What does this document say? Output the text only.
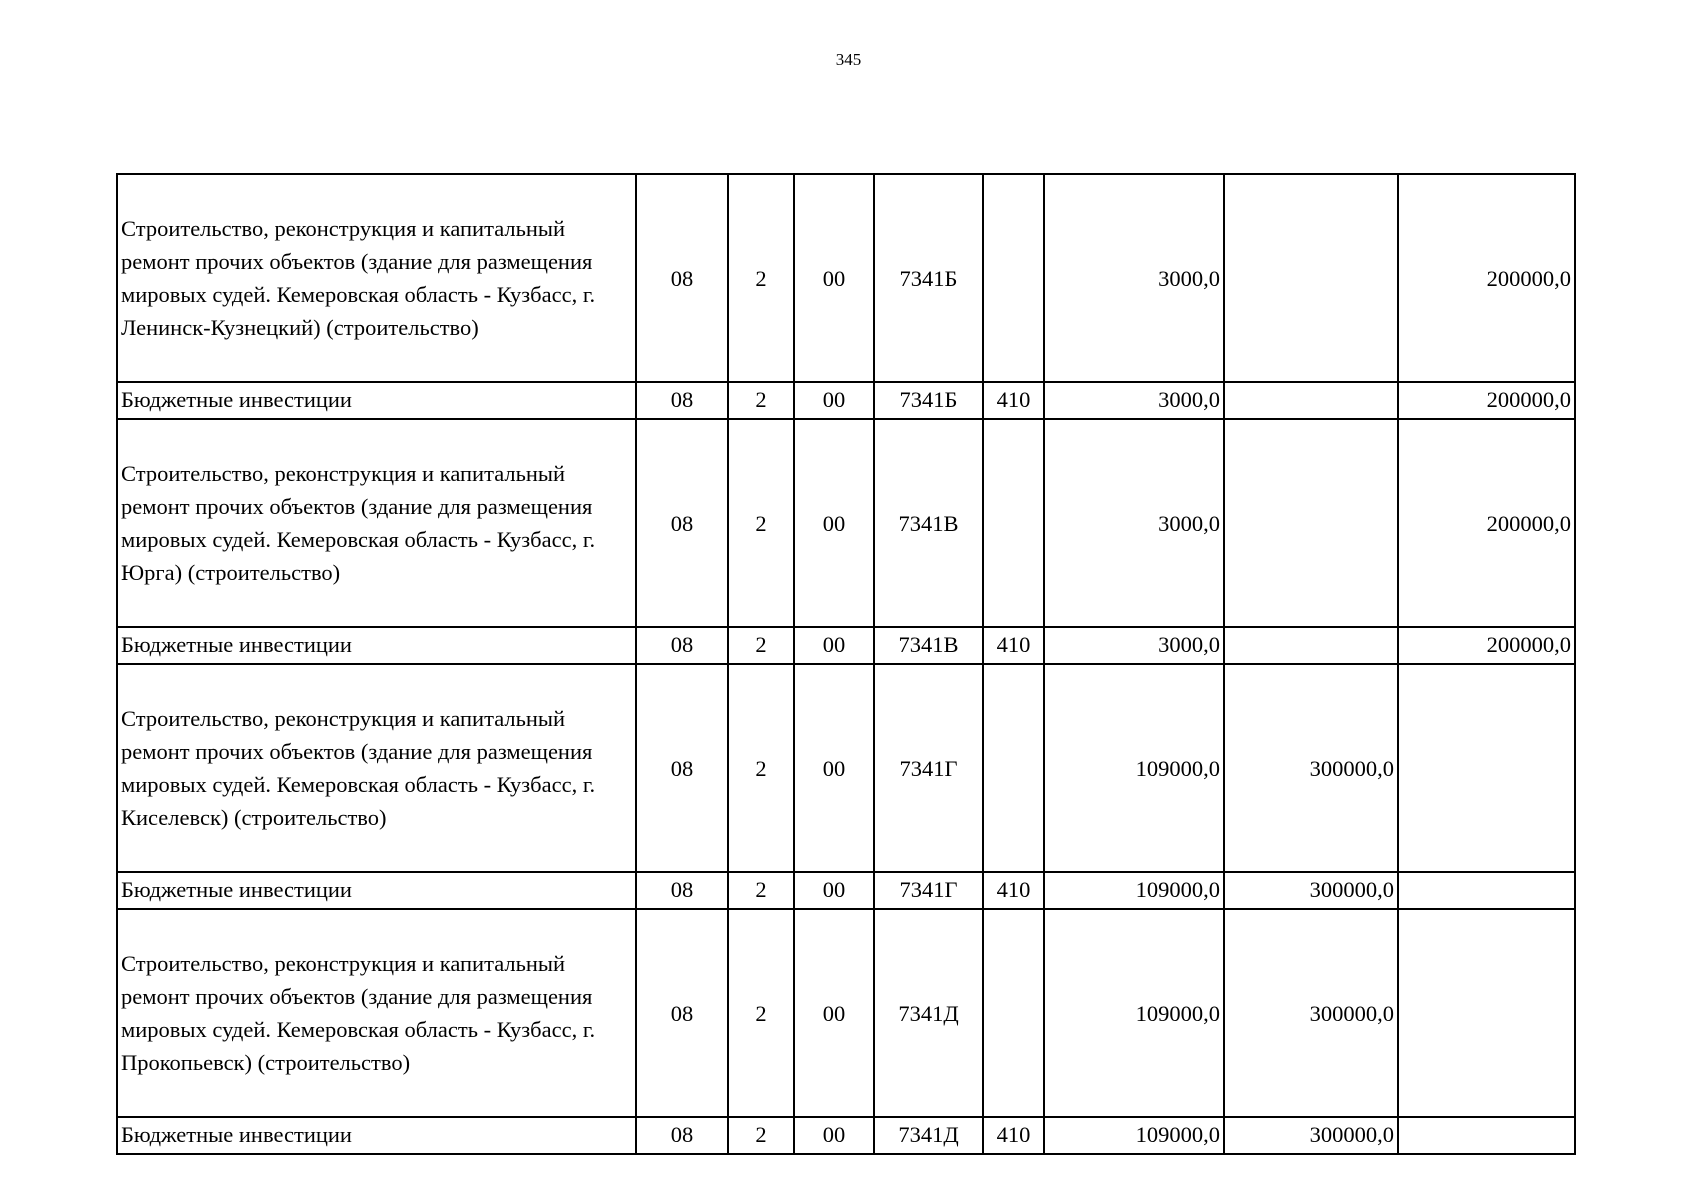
345
Строительство, реконструкция и капитальный ремонт прочих объектов (здание для размещения мировых судей. Кемеровская область - Кузбасс, г. Ленинск-Кузнецкий) (строительство)	08	2	00	7341Б		3000,0		200000,0
Бюджетные инвестиции	08	2	00	7341Б	410	3000,0		200000,0
Строительство, реконструкция и капитальный ремонт прочих объектов (здание для размещения мировых судей. Кемеровская область - Кузбасс, г. Юрга) (строительство)	08	2	00	7341В		3000,0		200000,0
Бюджетные инвестиции	08	2	00	7341В	410	3000,0		200000,0
Строительство, реконструкция и капитальный ремонт прочих объектов (здание для размещения мировых судей. Кемеровская область - Кузбасс, г. Киселевск) (строительство)	08	2	00	7341Г		109000,0	300000,0	
Бюджетные инвестиции	08	2	00	7341Г	410	109000,0	300000,0	
Строительство, реконструкция и капитальный ремонт прочих объектов (здание для размещения мировых судей. Кемеровская область - Кузбасс, г. Прокопьевск) (строительство)	08	2	00	7341Д		109000,0	300000,0	
Бюджетные инвестиции	08	2	00	7341Д	410	109000,0	300000,0	
